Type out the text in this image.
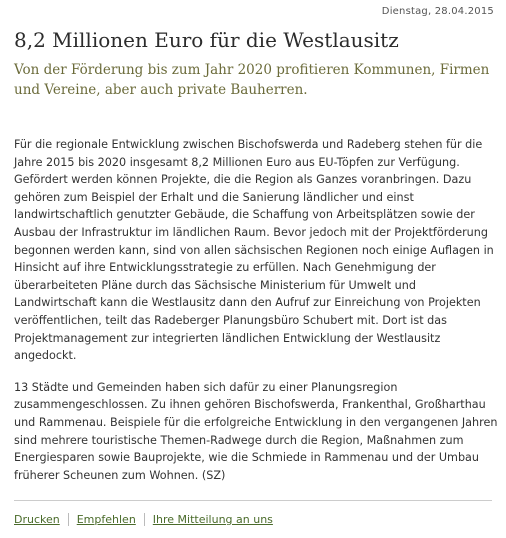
Dienstag, 28.04.2015
8,2 Millionen Euro für die Westlausitz

Von der Förderung bis zum Jahr 2020 profitieren Kommunen, Firmen und Vereine, aber auch private Bauherren.

Für die regionale Entwicklung zwischen Bischofswerda und Radeberg stehen für die Jahre 2015 bis 2020 insgesamt 8,2 Millionen Euro aus EU-Töpfen zur Verfügung. Gefördert werden können Projekte, die die Region als Ganzes voranbringen. Dazu gehören zum Beispiel der Erhalt und die Sanierung ländlicher und einst landwirtschaftlich genutzter Gebäude, die Schaffung von Arbeitsplätzen sowie der Ausbau der Infrastruktur im ländlichen Raum. Bevor jedoch mit der Projektförderung begonnen werden kann, sind von allen sächsischen Regionen noch einige Auflagen in Hinsicht auf ihre Entwicklungsstrategie zu erfüllen. Nach Genehmigung der überarbeiteten Pläne durch das Sächsische Ministerium für Umwelt und Landwirtschaft kann die Westlausitz dann den Aufruf zur Einreichung von Projekten veröffentlichen, teilt das Radeberger Planungsbüro Schubert mit. Dort ist das Projektmanagement zur integrierten ländlichen Entwicklung der Westlausitz angedockt.

13 Städte und Gemeinden haben sich dafür zu einer Planungsregion zusammengeschlossen. Zu ihnen gehören Bischofswerda, Frankenthal, Großharthau und Rammenau. Beispiele für die erfolgreiche Entwicklung in den vergangenen Jahren sind mehrere touristische Themen-Radwege durch die Region, Maßnahmen zum Energiesparen sowie Bauprojekte, wie die Schmiede in Rammenau und der Umbau früherer Scheunen zum Wohnen. (SZ)

Drucken Empfehlen Ihre Mitteilung an uns
